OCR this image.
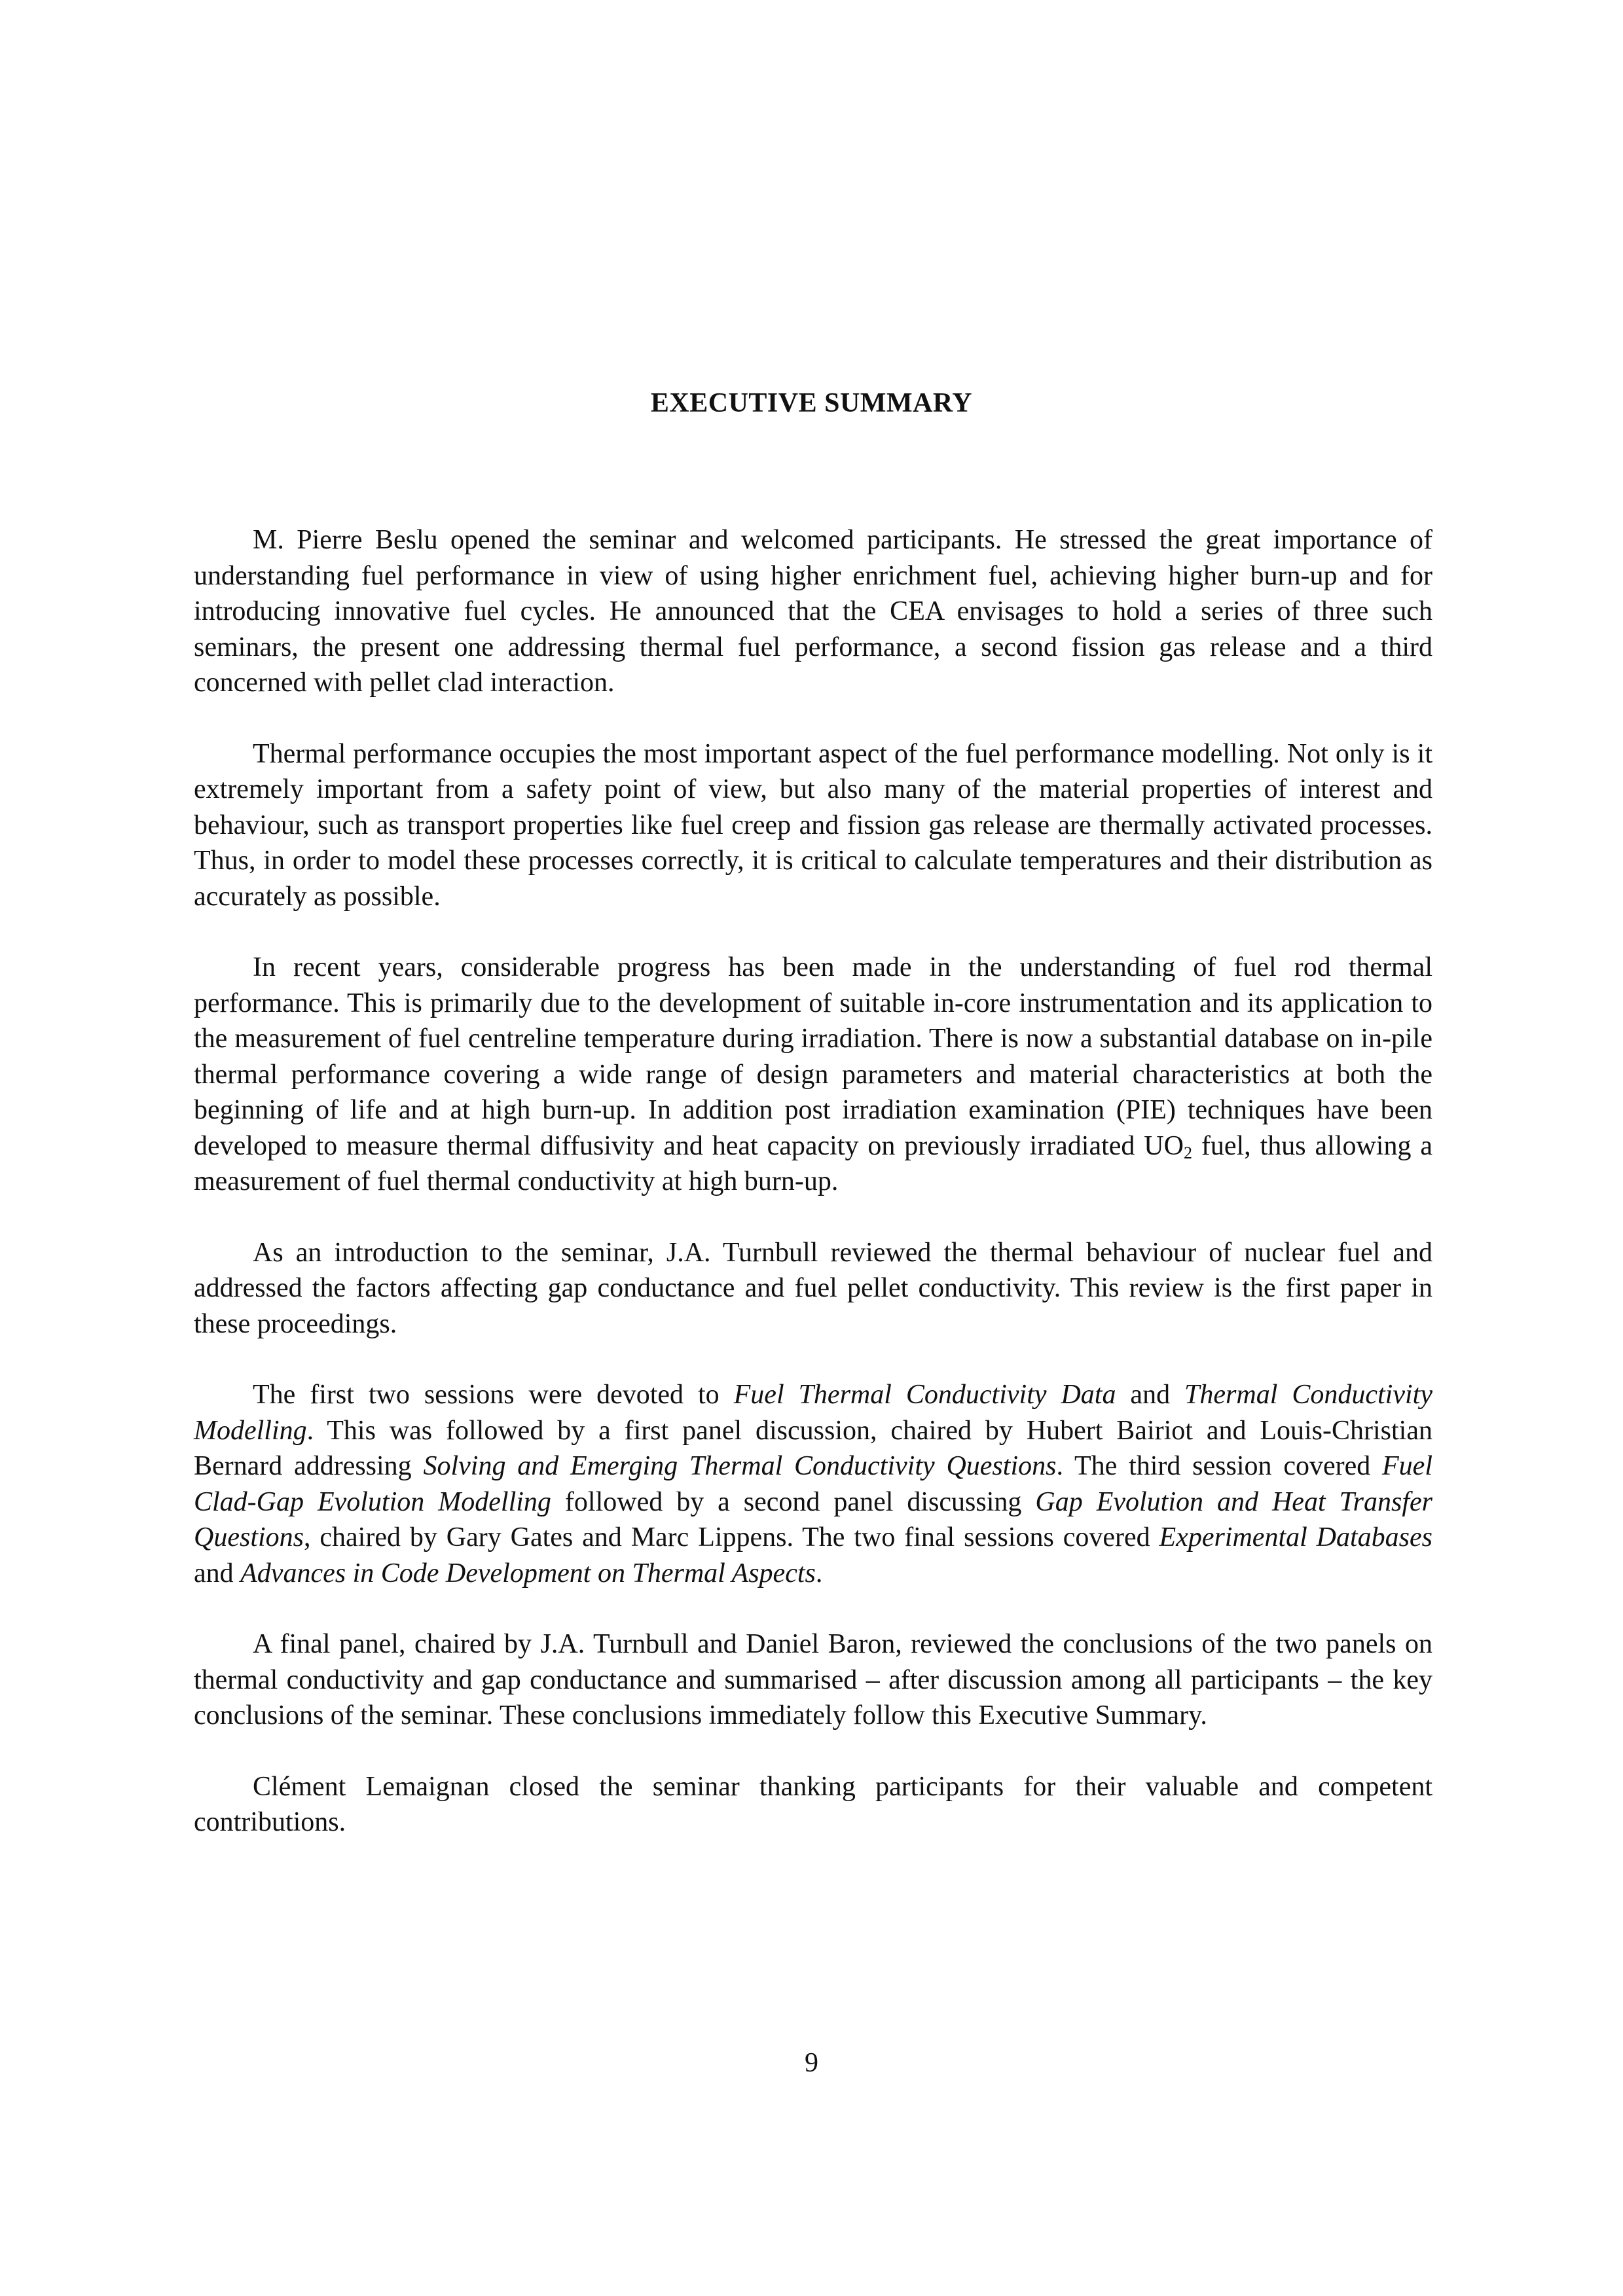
EXECUTIVE SUMMARY

M. Pierre Beslu opened the seminar and welcomed participants. He stressed the great importance of understanding fuel performance in view of using higher enrichment fuel, achieving higher burn-up and for introducing innovative fuel cycles. He announced that the CEA envisages to hold a series of three such seminars, the present one addressing thermal fuel performance, a second fission gas release and a third concerned with pellet clad interaction.

Thermal performance occupies the most important aspect of the fuel performance modelling. Not only is it extremely important from a safety point of view, but also many of the material properties of interest and behaviour, such as transport properties like fuel creep and fission gas release are thermally activated processes. Thus, in order to model these processes correctly, it is critical to calculate temperatures and their distribution as accurately as possible.

In recent years, considerable progress has been made in the understanding of fuel rod thermal performance. This is primarily due to the development of suitable in-core instrumentation and its application to the measurement of fuel centreline temperature during irradiation. There is now a substantial database on in-pile thermal performance covering a wide range of design parameters and material characteristics at both the beginning of life and at high burn-up. In addition post irradiation examination (PIE) techniques have been developed to measure thermal diffusivity and heat capacity on previously irradiated $UO_2$ fuel, thus allowing a measurement of fuel thermal conductivity at high burn-up.

As an introduction to the seminar, J.A. Turnbull reviewed the thermal behaviour of nuclear fuel and addressed the factors affecting gap conductance and fuel pellet conductivity. This review is the first paper in these proceedings.

The first two sessions were devoted to Fuel Thermal Conductivity Data and Thermal Conductivity Modelling. This was followed by a first panel discussion, chaired by Hubert Bairiot and Louis-Christian Bernard addressing Solving and Emerging Thermal Conductivity Questions. The third session covered Fuel Clad-Gap Evolution Modelling followed by a second panel discussing Gap Evolution and Heat Transfer Questions, chaired by Gary Gates and Marc Lippens. The two final sessions covered Experimental Databases and Advances in Code Development on Thermal Aspects.

A final panel, chaired by J.A. Turnbull and Daniel Baron, reviewed the conclusions of the two panels on thermal conductivity and gap conductance and summarised – after discussion among all participants – the key conclusions of the seminar. These conclusions immediately follow this Executive Summary.

Clément Lemaignan closed the seminar thanking participants for their valuable and competent contributions.

9
